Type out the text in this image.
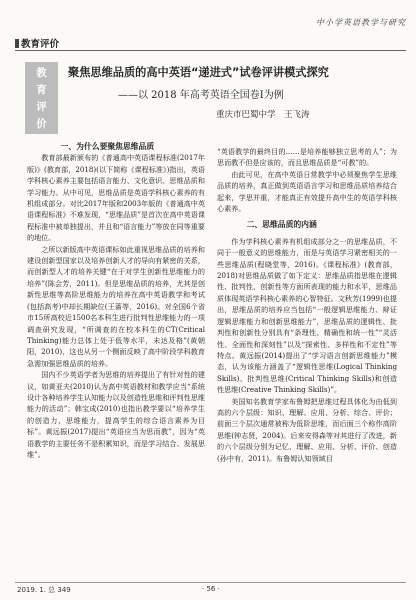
中小学英语教学与研究
教育评价
教
育
评
价
聚焦思维品质的高中英语“递进式”试卷评讲模式探究
——以 2018 年高考英语全国卷Ⅰ为例
重庆市巴蜀中学　王飞涛

一、为什么要聚焦思维品质

教育部最新颁布的《普通高中英语课程标准(2017年版)》(教育部，2018)(以下简称《课程标准》)指出，英语学科核心素养主要包括语言能力、文化意识、思维品质和学习能力。从中可见，思维品质是英语学科核心素养的有机组成部分。对比2017年版和2003年版的《普通高中英语课程标准》不难发现，“思维品质”是首次在高中英语课程标准中被单独提出，并且和“语言能力”等放在同等重要的地位。

之所以新版高中英语课标如此重视思维品质的培养和建设创新型国家以及培养创新人才的导向有紧密的关系，而创新型人才的培养关键“在于对学生创新性思维能力的培养”(陈会芳，2011)。但是思维品质的培养，尤其是创新性思维等高阶思维能力的培养在高中英语教学和考试(包括高考)中却长期缺位(王蔷等，2016)。对全国6个省市15所高校近1500名本科生进行批判性思维能力的一项调查研究发现，“所调查的在校本科生的CT(Critical Thinking)能力总体上处于低等水平，未达及格”(黄朝阳，2010)，这也从另一个侧面反映了高中阶段学科教育急需加强思维品质的培养。

国内不少英语学者为思维的培养提出了有针对性的建议，如黄亚夫(2010)认为高中英语教材和教学应当“系统设计各种培养学生认知能力以及创造性思维和评判性思维能力的活动”；韩宝成(2010)也指出教学要以“培养学生的创造力、思维能力，提高学生的综合语言素养为目标”。黄远振(2017)提出“英语应当为思而教”，因为“英语教学的主要任务不是积累知识，而是学习结合、发展思维”。

“英语教学的最终目的……是培养能够独立思考的人”；为思而教不但是应该的，而且思维品质是“可教”的。

由此可见，在高中英语日常教学中必须聚焦学生思维品质的培养，真正做到英语语言学习和思维品质培养结合起来，学思并重，才能真正有效提升高中生的英语学科核心素养。

二、思维品质的内涵

作为学科核心素养有机组成部分之一的思维品质，不同于一般意义的思维能力，而是与英语学习紧密相关的一些思维品质(程晓堂等，2016)。《课程标准》(教育部，2018)对思维品质做了如下定义：思维品质指思维在逻辑性、批判性、创新性等方面所表现的能力和水平，思维品质体现英语学科核心素养的心智特征。文秋芳(1999)也提出，思维品质的培养应当包括“一般逻辑思维能力、辩证逻辑思维能力和创新思维能力”，思维品质的逻辑性、批判性和创新性分别具有“条理性、精确性和统一性”“灵活性、全面性和深刻性”以及“探索性、多样性和不定性”等特点。黄远振(2014)提出了“学习语言创新思维能力”模态，认为该能力涵盖了“逻辑性思维(Logical Thinking Skills)、批判性思维(Critical Thinking Skills)和创造性思维(Creative Thinking Skills)”。

美国知名教育学家布鲁姆把思维过程具体化为由低到高的六个层级：知识、理解、应用、分析、综合、评价；前面三个层次通常被称为低阶思维，而后面三个称作高阶思维(钟志贤，2004)。后来安得森等对其进行了改进，新的六个层级分别为记忆、理解、应用、分析、评价、创造(孙中有，2011)。布鲁姆认知领域目

2019. 1. 总 349	· 56 ·
